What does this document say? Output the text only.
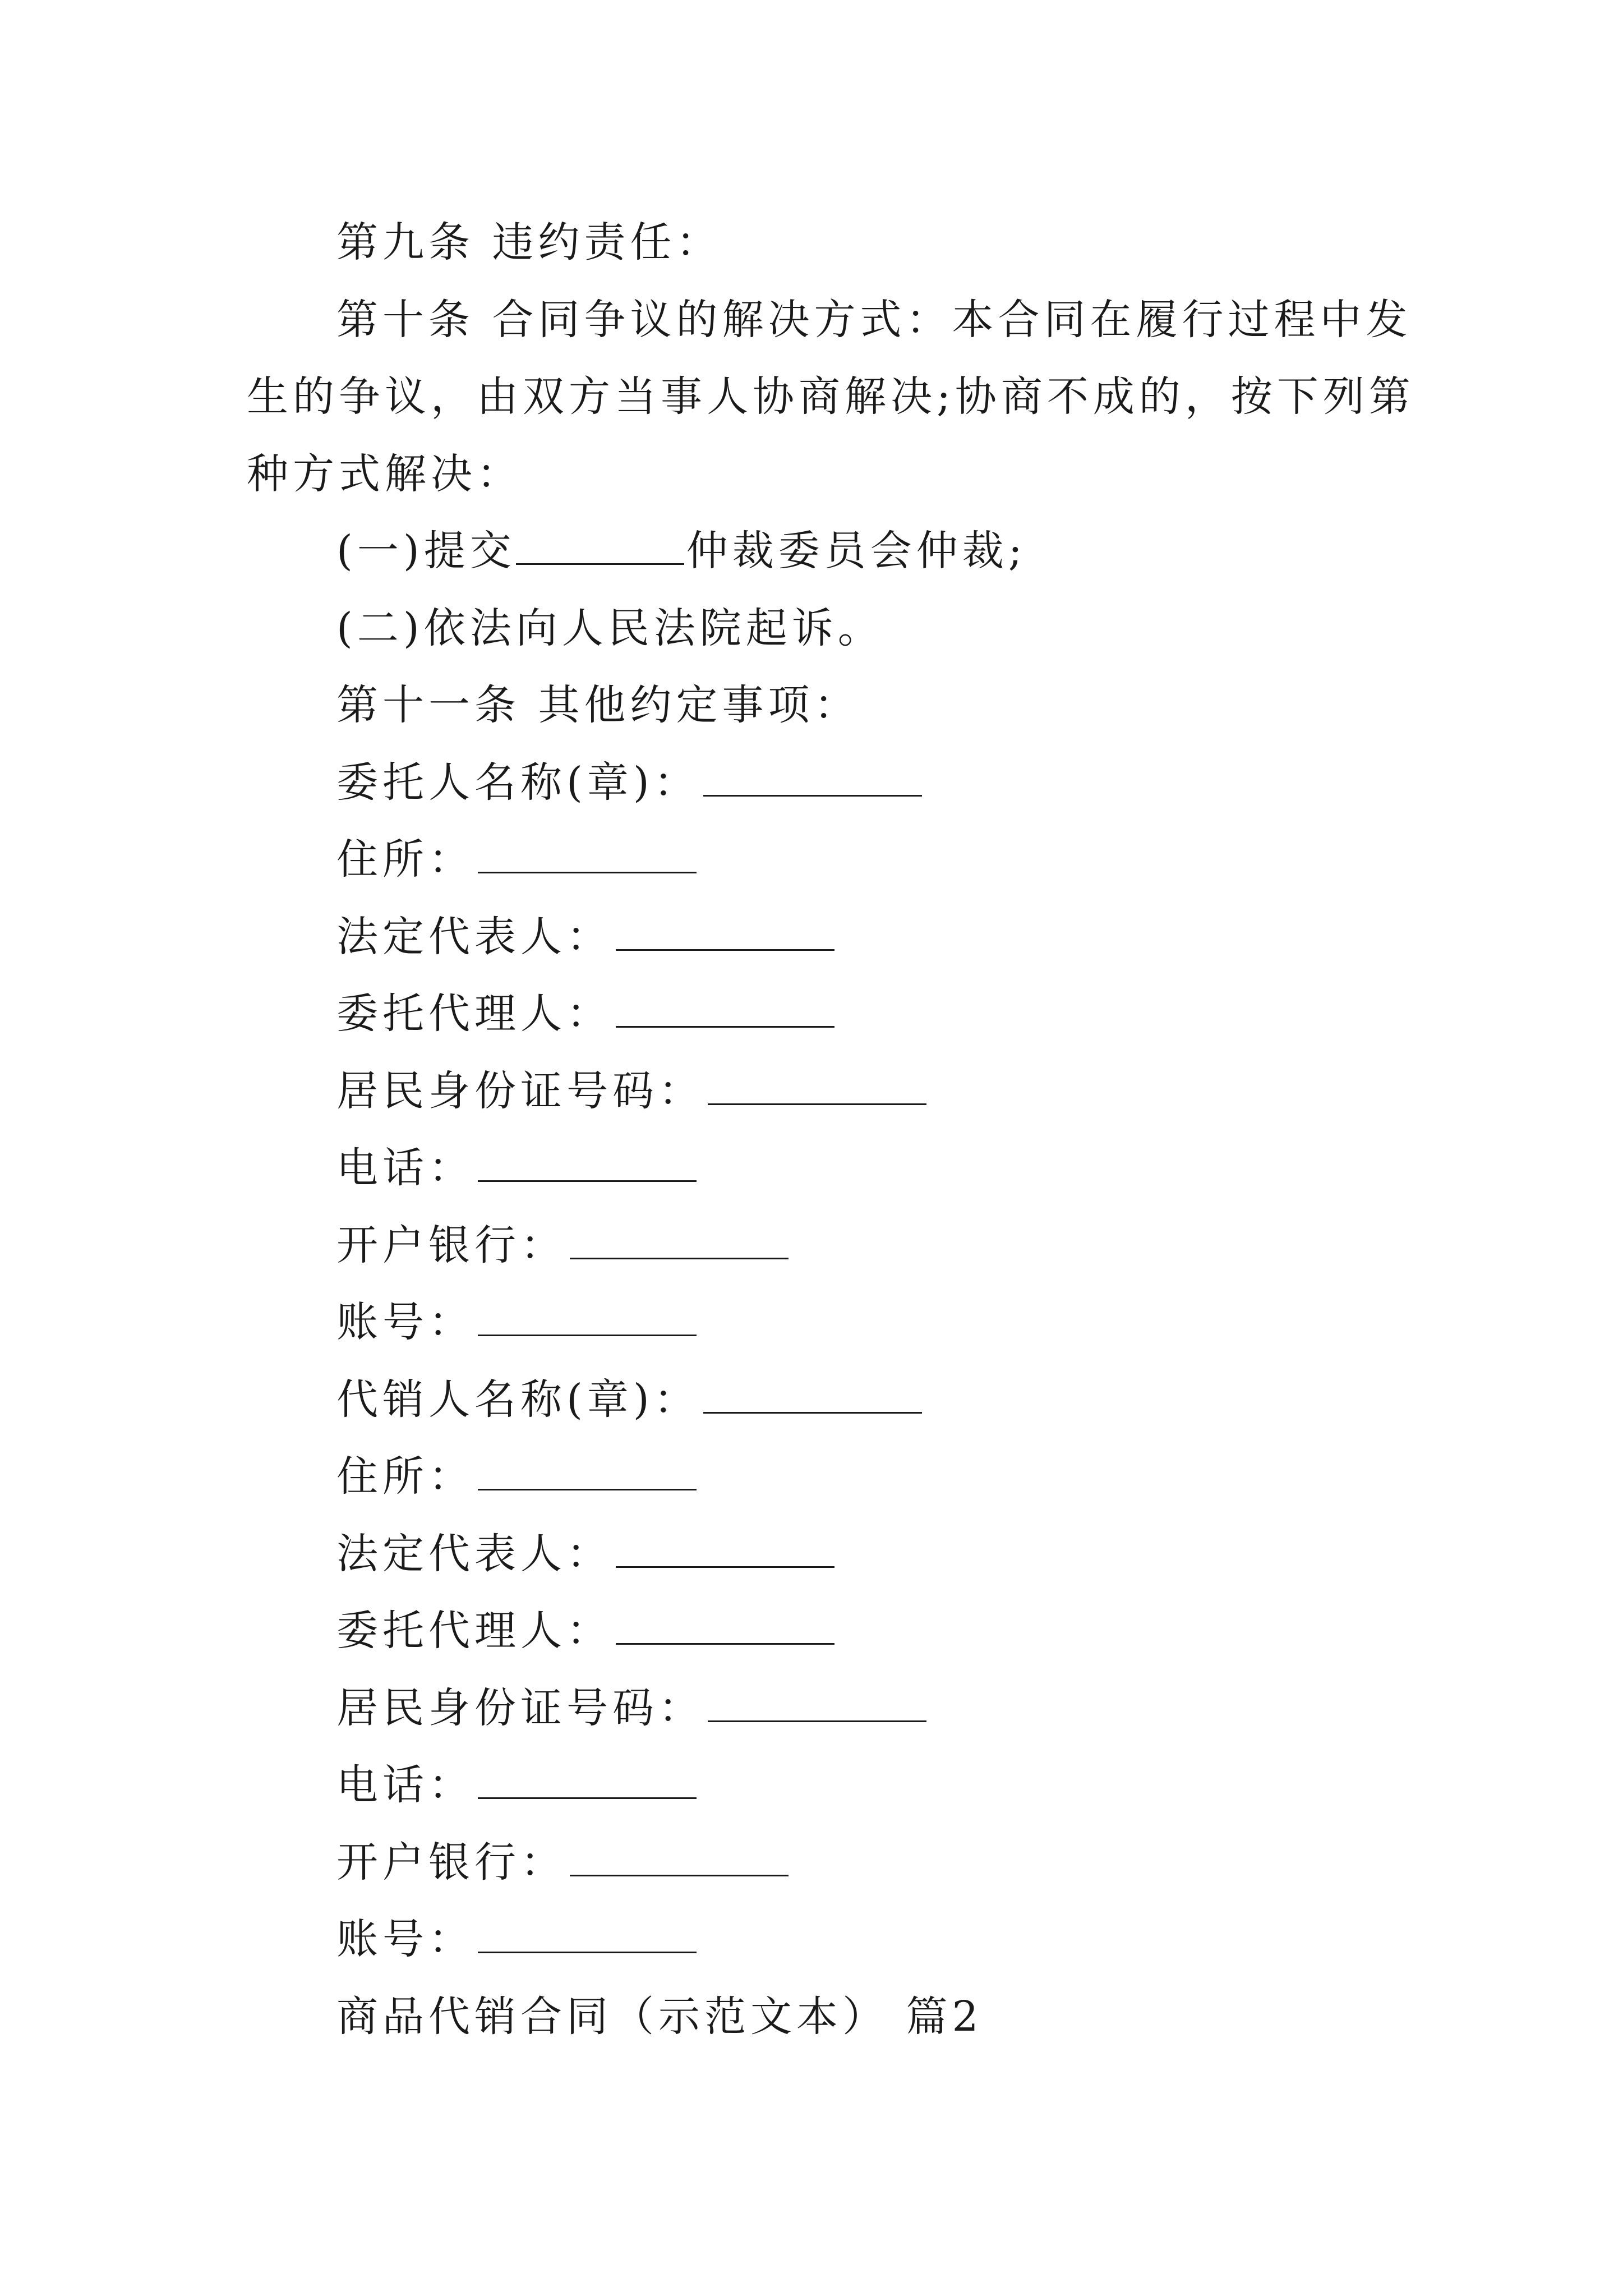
第九条 违约责任：
第十条 合同争议的解决方式：本合同在履行过程中发
生的争议，由双方当事人协商解决;协商不成的，按下列第
种方式解决：
(一)提交	仲裁委员会仲裁;
(二)依法向人民法院起诉。
第十一条 其他约定事项：
委托人名称(章)：
住所：
法定代表人：
委托代理人：
居民身份证号码：
电话：
开户银行：
账号：
代销人名称(章)：
住所：
法定代表人：
委托代理人：
居民身份证号码：
电话：
开户银行：
账号：
商品代销合同（示范文本） 篇2
